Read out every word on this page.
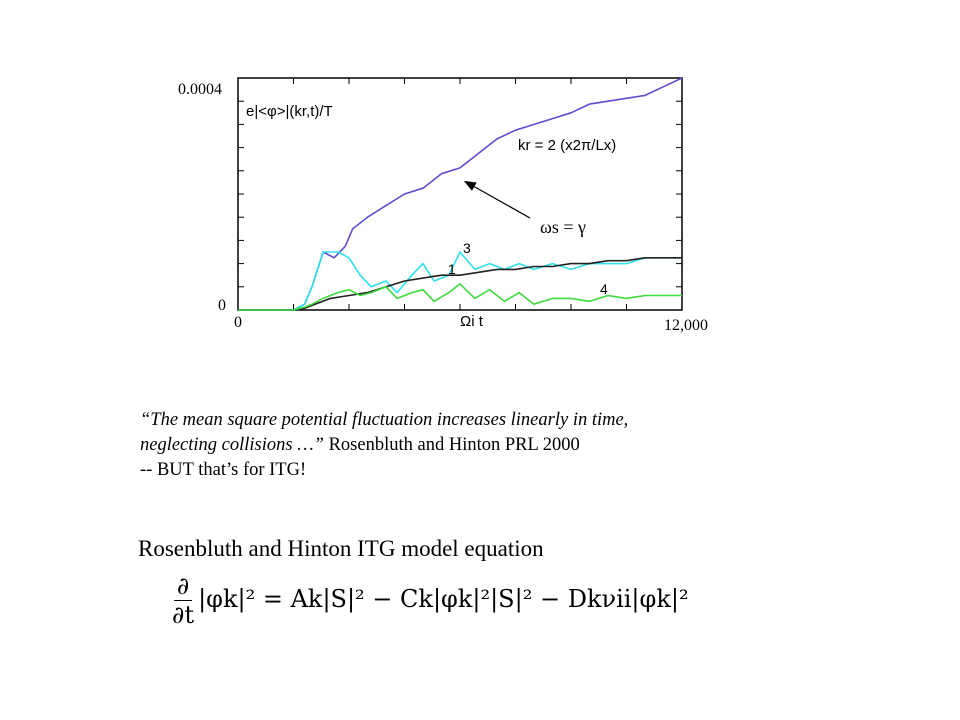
0.0004
0
0	12,000
e|<φ>|(kr,t)/T
Ωi t
kr = 2 (x2π/Lx)
3
1
4
ωs = γ
“The mean square potential fluctuation increases linearly in time,
neglecting collisions …” Rosenbluth and Hinton PRL 2000
-- BUT that’s for ITG!
Rosenbluth and Hinton ITG model equation
$\frac{\partial}{\partial t} |\varphi k|^2 = Ak|S|^2 - Ck|\varphi k|^2|S|^2 - Dk\nu ii|\varphi k|^2$
